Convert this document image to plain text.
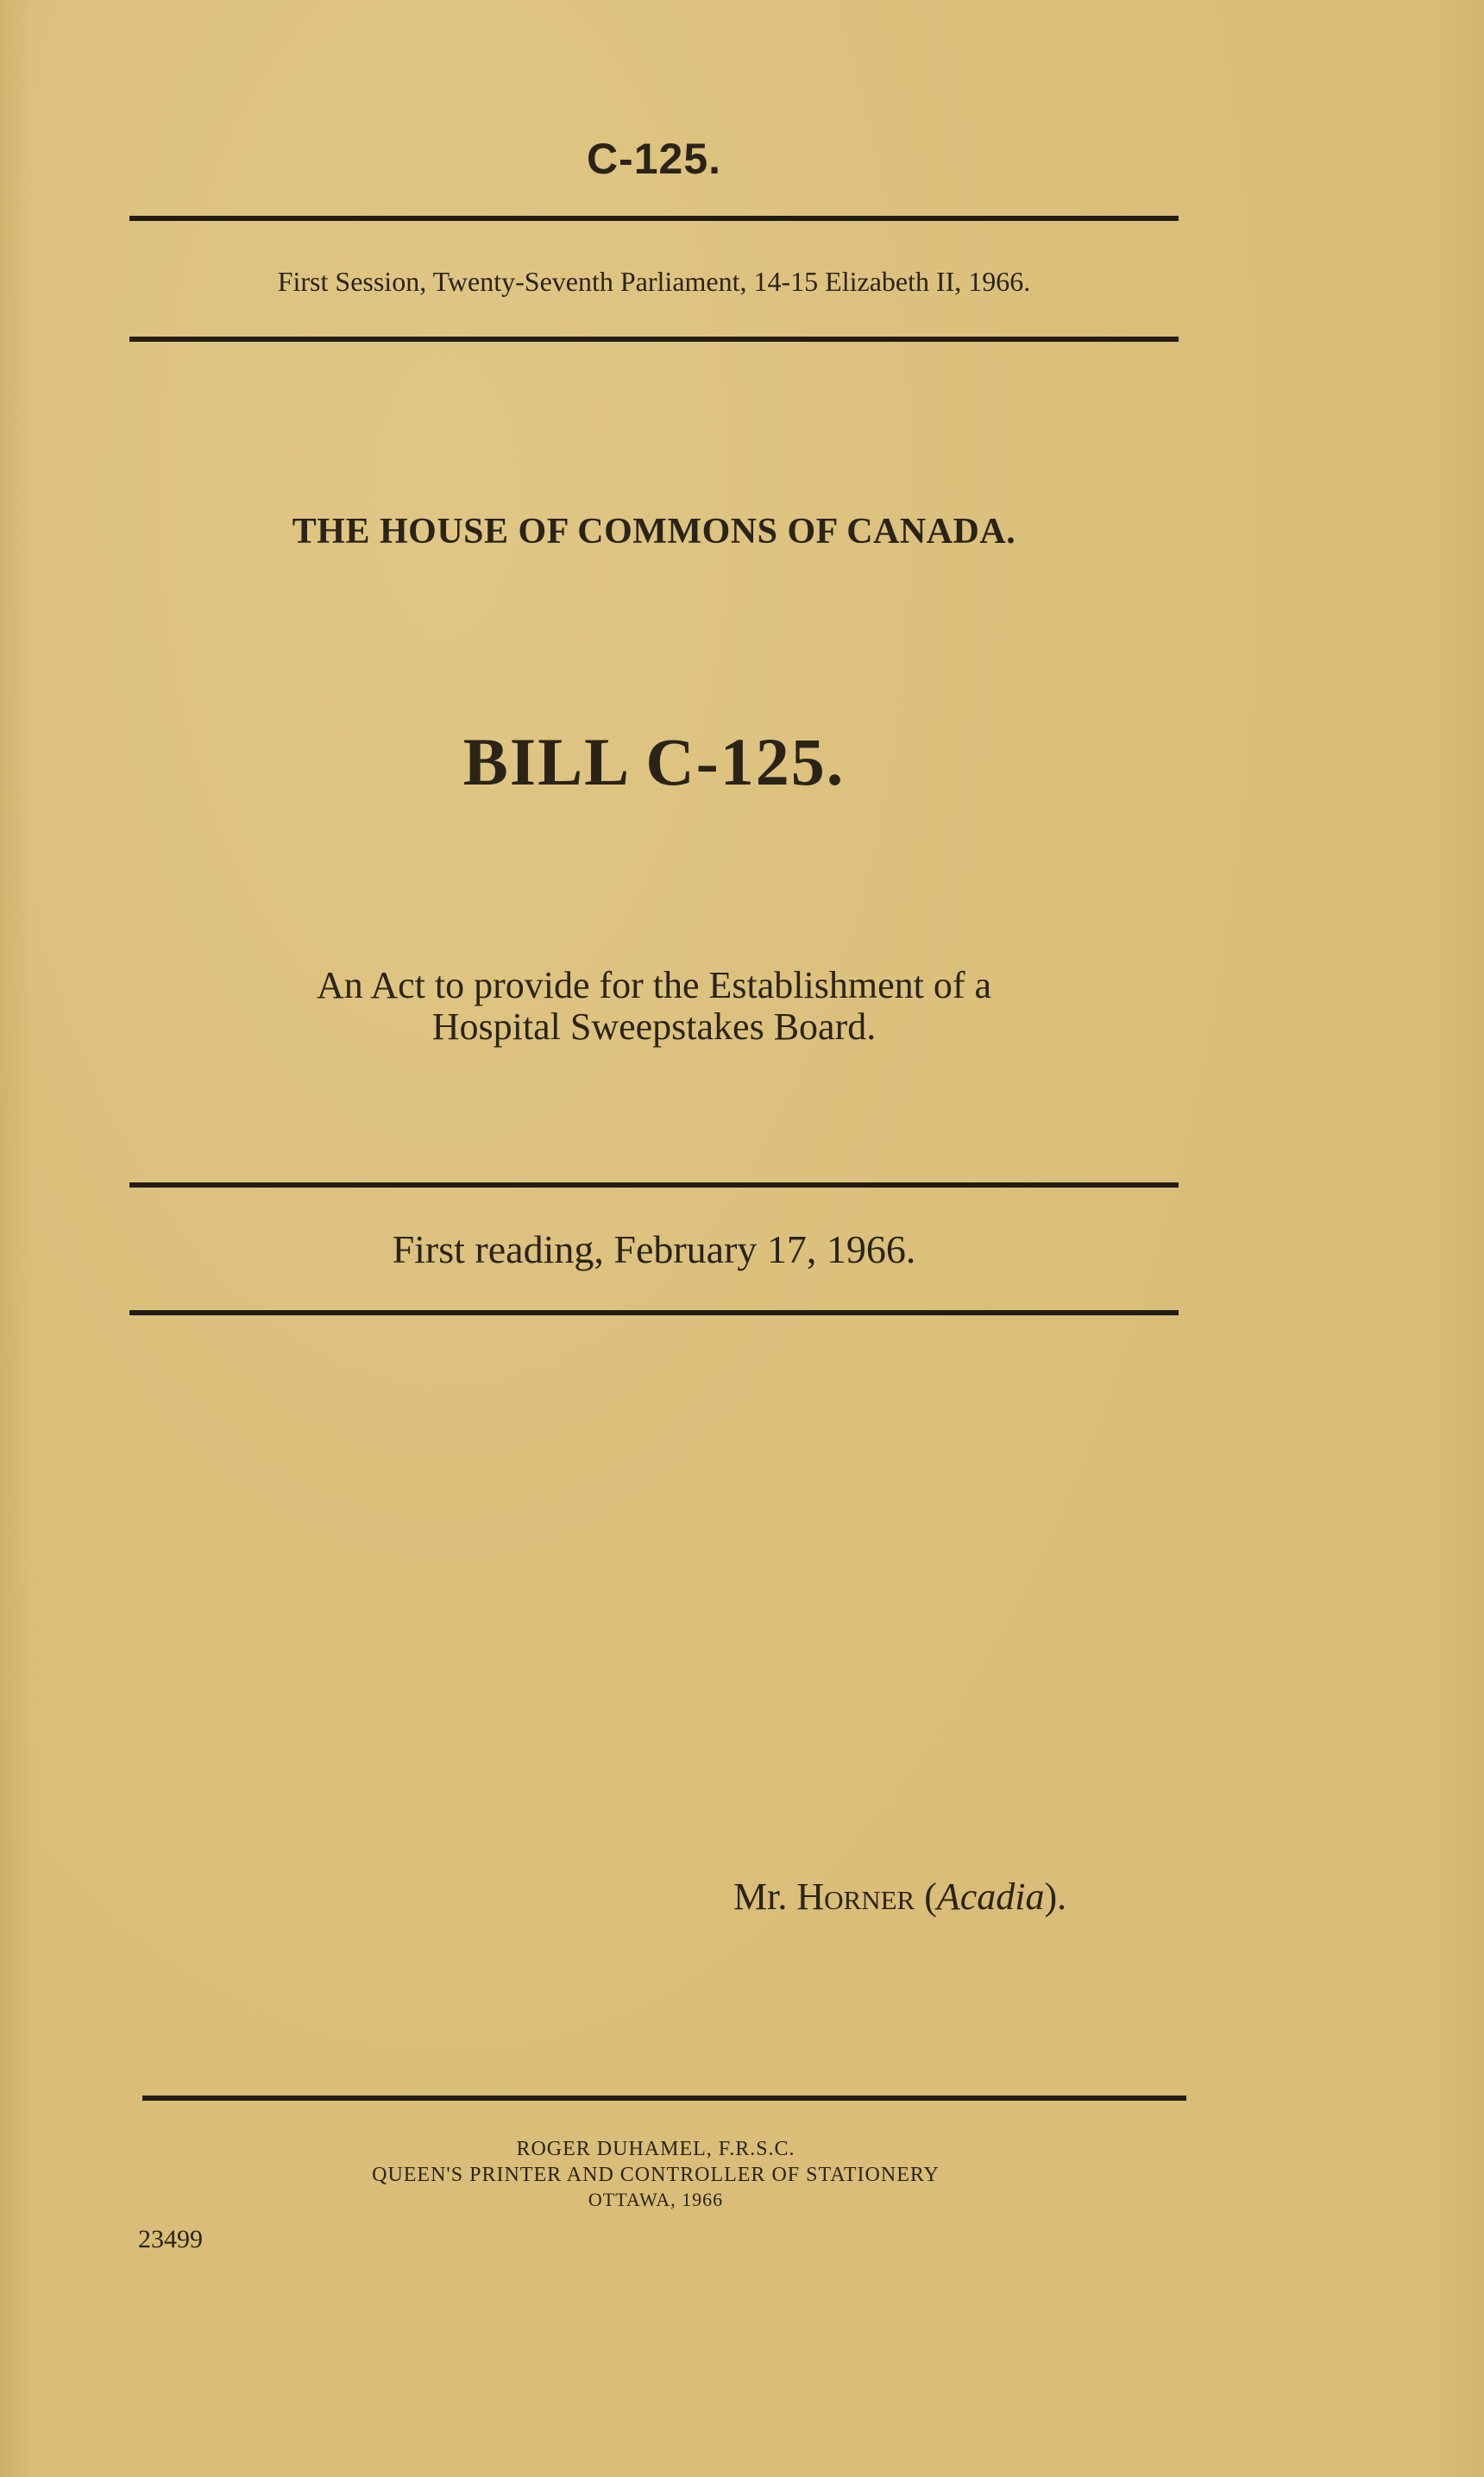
C-125.
First Session, Twenty-Seventh Parliament, 14-15 Elizabeth II, 1966.
THE HOUSE OF COMMONS OF CANADA.
BILL C-125.
An Act to provide for the Establishment of a
Hospital Sweepstakes Board.
First reading, February 17, 1966.
Mr. Horner (Acadia).
ROGER DUHAMEL, F.R.S.C.
QUEEN'S PRINTER AND CONTROLLER OF STATIONERY
OTTAWA, 1966
23499
